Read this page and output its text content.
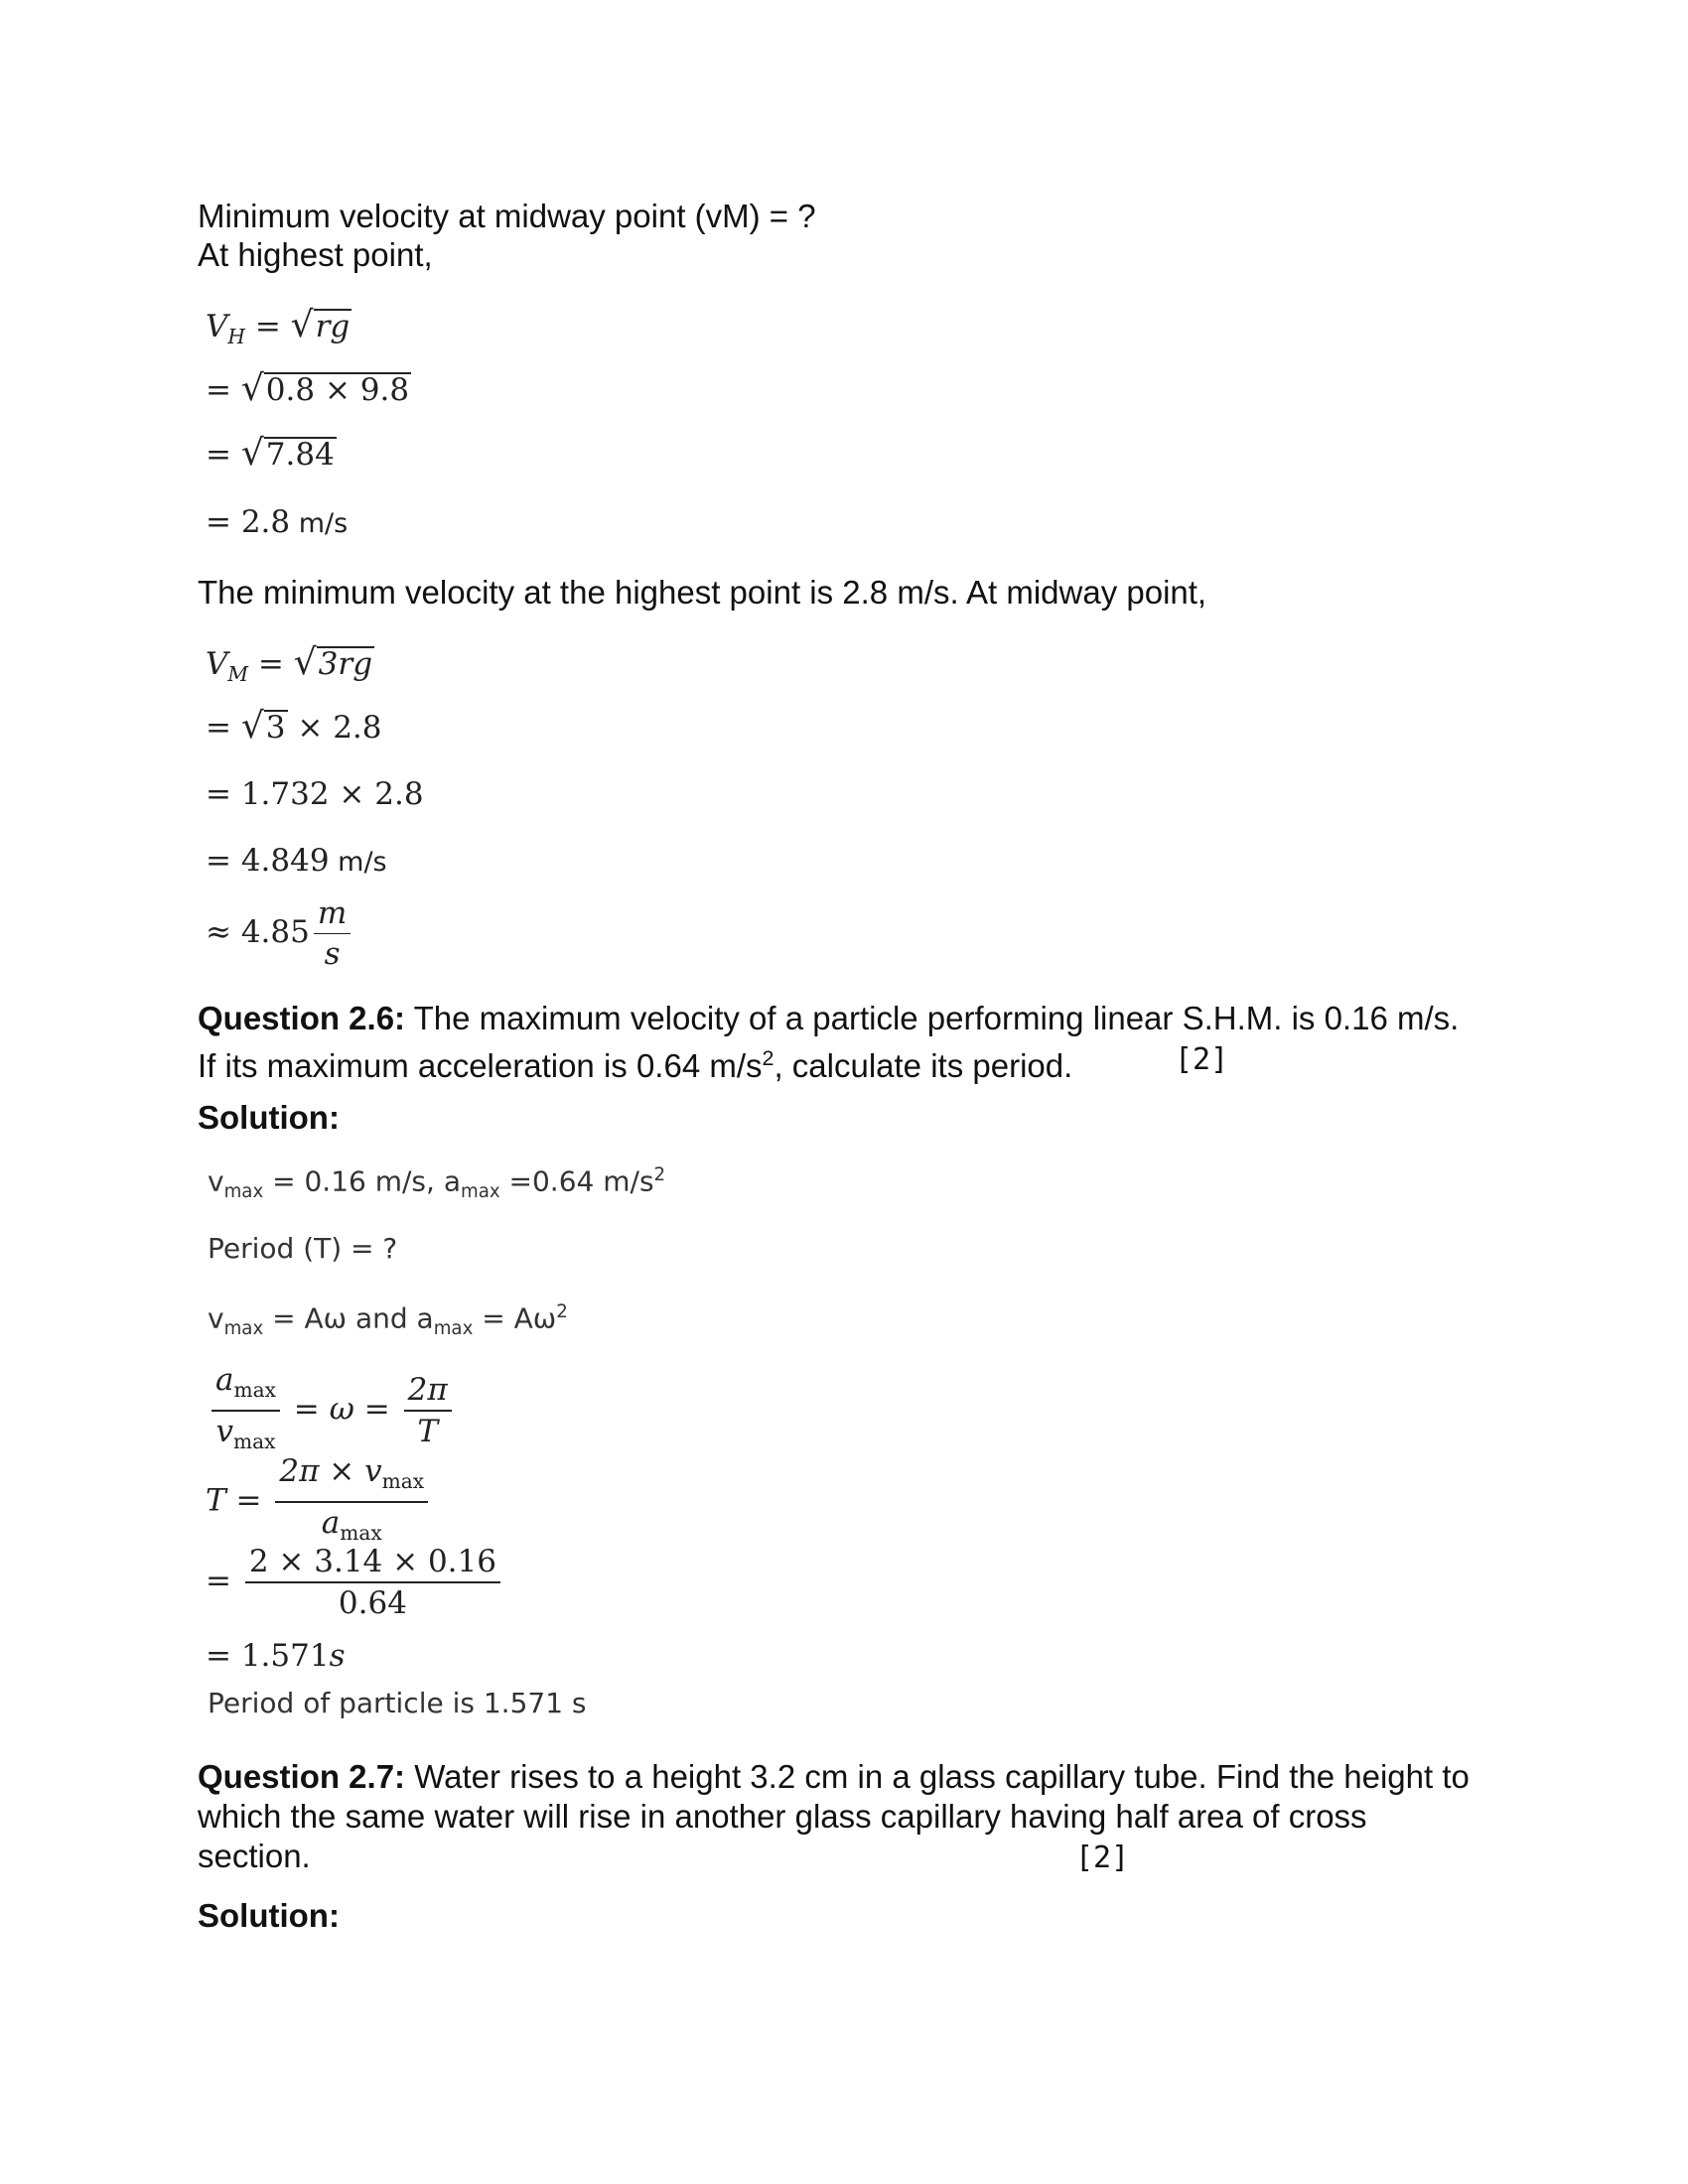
Minimum velocity at midway point (vM) = ?
At highest point,
$V_H = √rg$
= √0.8 × 9.8
= √7.84
= 2.8 m/s
The minimum velocity at the highest point is 2.8 m/s. At midway point,
$V_M = √3rg$
= √3 × 2.8
= 1.732 × 2.8
= 4.849 m/s
≈ $4.85 \frac{m}{s}$
Question 2.6: The maximum velocity of a particle performing linear S.H.M. is 0.16 m/s.
If its maximum acceleration is 0.64 $m/s^2$, calculate its period.	[2]
Solution:
$v_{max} = 0.16$ m/s, $a_{max} =0.64$ $m/s^2$
Period (T) = ?
$v_{max} = A\omega$ and $a_{max} = A\omega^2$
$\frac{a_{max}}{v_{max}} = \omega = \frac{2\pi}{T}$
$T = \frac{2\pi \times v_{max}}{a_{max}}$
= $\frac{2 \times 3.14 \times 0.16}{0.64}$
= 1.571s
Period of particle is 1.571 s
Question 2.7: Water rises to a height 3.2 cm in a glass capillary tube. Find the height to
which the same water will rise in another glass capillary having half area of cross
section.	[2]
Solution:
